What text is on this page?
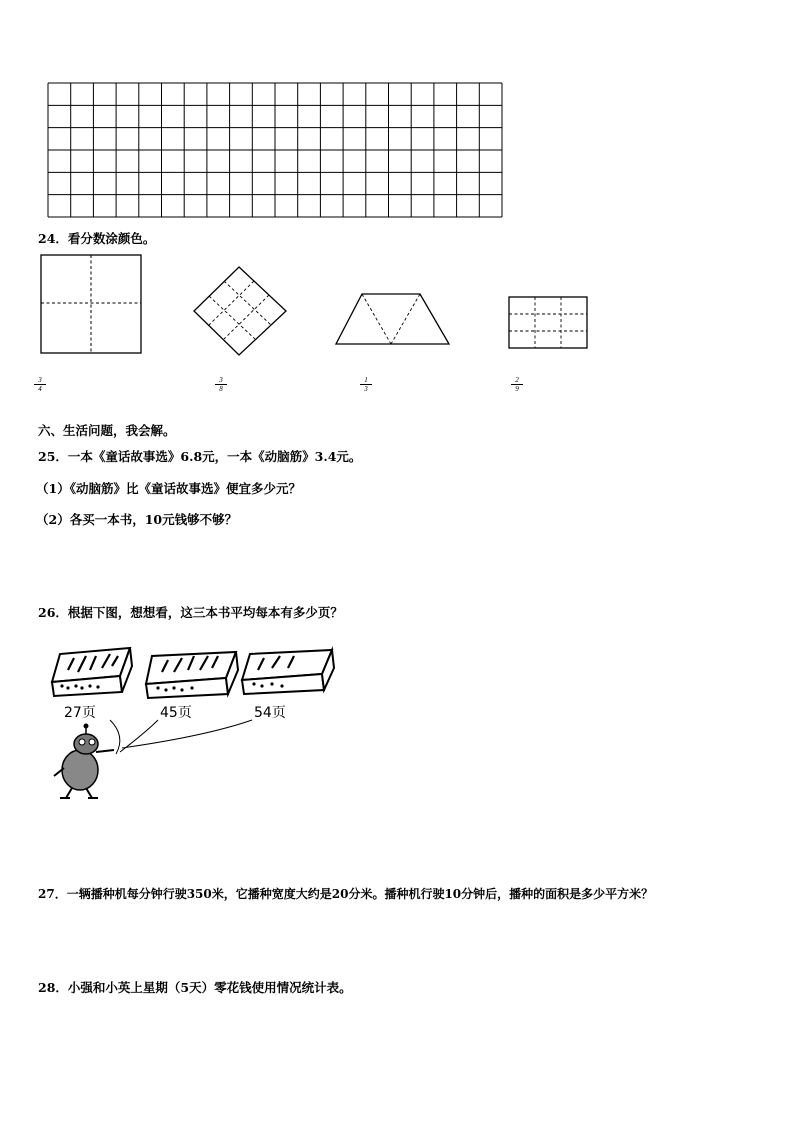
24．看分数涂颜色。
$\frac{3}{4}$	$\frac{3}{8}$	$\frac{1}{3}$	$\frac{2}{9}$
六、生活问题，我会解。
25．一本《童话故事选》6.8元，一本《动脑筋》3.4元。
（1）《动脑筋》比《童话故事选》便宜多少元？
（2）各买一本书，10元钱够不够？
26．根据下图，想想看，这三本书平均每本有多少页？
27页	45页	54页
27．一辆播种机每分钟行驶350米，它播种宽度大约是20分米。播种机行驶10分钟后，播种的面积是多少平方米？
28．小强和小英上星期（5天）零花钱使用情况统计表。
